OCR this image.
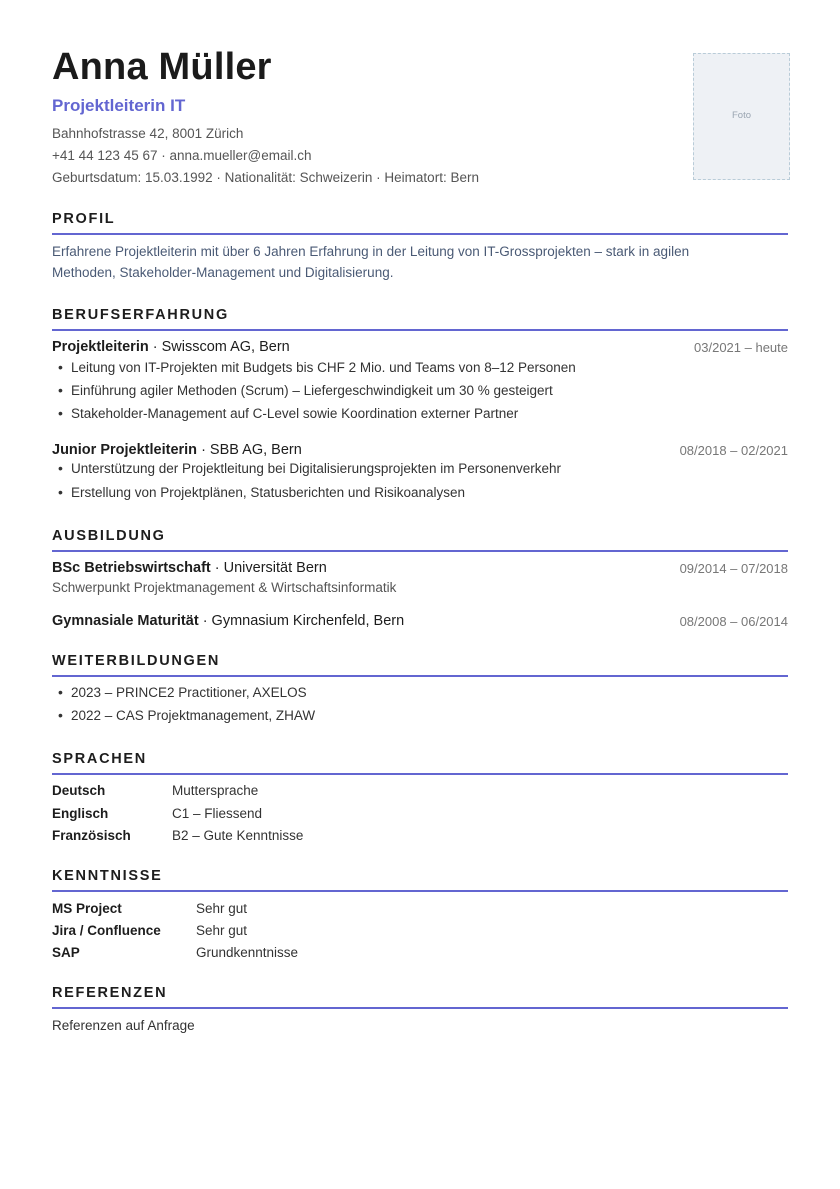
Anna Müller
Projektleiterin IT
Bahnhofstrasse 42, 8001 Zürich
+41 44 123 45 67 · anna.mueller@email.ch
Geburtsdatum: 15.03.1992 · Nationalität: Schweizerin · Heimatort: Bern
Foto
PROFIL
Erfahrene Projektleiterin mit über 6 Jahren Erfahrung in der Leitung von IT-Grossprojekten – stark in agilen Methoden, Stakeholder-Management und Digitalisierung.
BERUFSERFAHRUNG
Projektleiterin · Swisscom AG, Bern	03/2021 – heute
• Leitung von IT-Projekten mit Budgets bis CHF 2 Mio. und Teams von 8–12 Personen
• Einführung agiler Methoden (Scrum) – Liefergeschwindigkeit um 30 % gesteigert
• Stakeholder-Management auf C-Level sowie Koordination externer Partner
Junior Projektleiterin · SBB AG, Bern	08/2018 – 02/2021
• Unterstützung der Projektleitung bei Digitalisierungsprojekten im Personenverkehr
• Erstellung von Projektplänen, Statusberichten und Risikoanalysen
AUSBILDUNG
BSc Betriebswirtschaft · Universität Bern	09/2014 – 07/2018
Schwerpunkt Projektmanagement & Wirtschaftsinformatik
Gymnasiale Maturität · Gymnasium Kirchenfeld, Bern	08/2008 – 06/2014
WEITERBILDUNGEN
• 2023 – PRINCE2 Practitioner, AXELOS
• 2022 – CAS Projektmanagement, ZHAW
SPRACHEN
Deutsch	Muttersprache
Englisch	C1 – Fliessend
Französisch	B2 – Gute Kenntnisse
KENNTNISSE
MS Project	Sehr gut
Jira / Confluence	Sehr gut
SAP	Grundkenntnisse
REFERENZEN
Referenzen auf Anfrage
